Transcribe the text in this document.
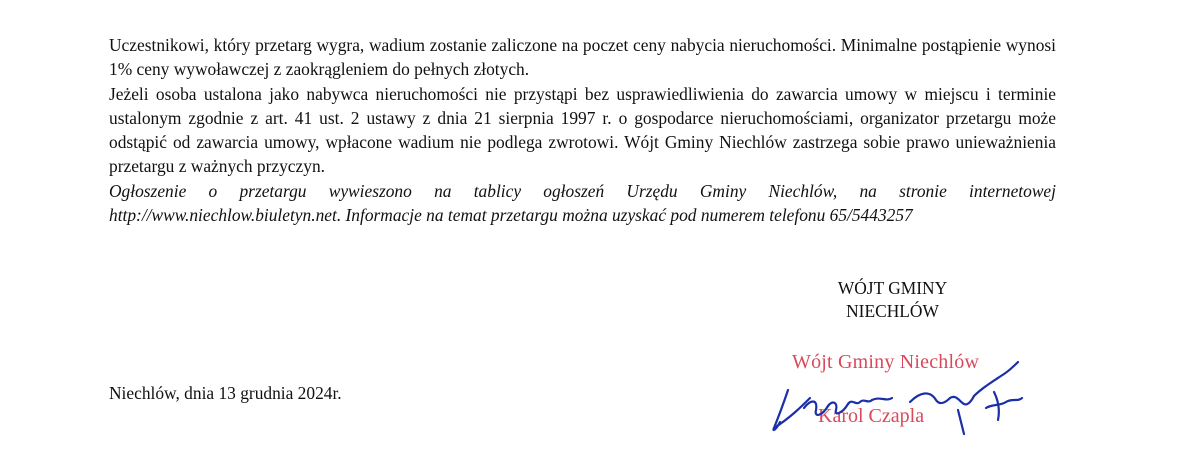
Uczestnikowi, który przetarg wygra, wadium zostanie zaliczone na poczet ceny nabycia nieruchomości. Minimalne postąpienie wynosi 1% ceny wywoławczej z zaokrągleniem do pełnych złotych.

Jeżeli osoba ustalona jako nabywca nieruchomości nie przystąpi bez usprawiedliwienia do zawarcia umowy w miejscu i terminie ustalonym zgodnie z art. 41 ust. 2 ustawy z dnia 21 sierpnia 1997 r. o gospodarce nieruchomościami, organizator przetargu może odstąpić od zawarcia umowy, wpłacone wadium nie podlega zwrotowi. Wójt Gminy Niechlów zastrzega sobie prawo unieważnienia przetargu z ważnych przyczyn.

Ogłoszenie o przetargu wywieszono na tablicy ogłoszeń Urzędu Gminy Niechlów, na stronie internetowej http://www.niechlow.biuletyn.net. Informacje na temat przetargu można uzyskać pod numerem telefonu 65/5443257

WÓJT GMINY
NIECHLÓW
Wójt Gminy Niechlów
Karol Czapla
Niechlów, dnia 13 grudnia 2024r.
